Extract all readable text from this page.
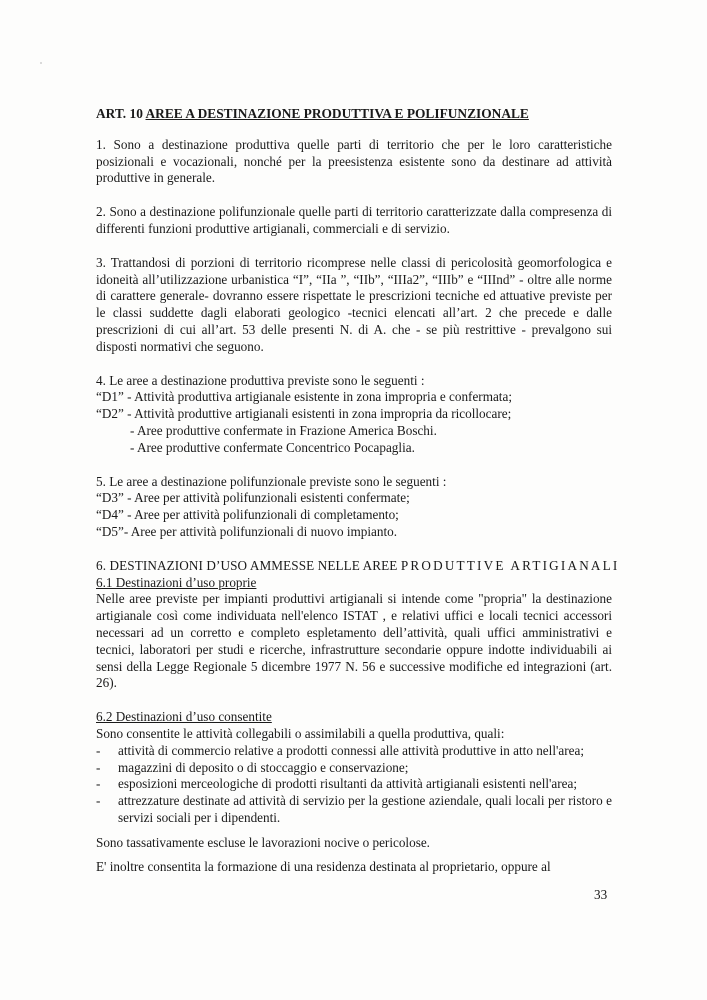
ART. 10 AREE A DESTINAZIONE PRODUTTIVA E POLIFUNZIONALE

1. Sono a destinazione produttiva quelle parti di territorio che per le loro caratteristiche posizionali e vocazionali, nonché per la preesistenza esistente sono da destinare ad attività produttive in generale.

2. Sono a destinazione polifunzionale quelle parti di territorio caratterizzate dalla compresenza di differenti funzioni produttive artigianali, commerciali e di servizio.

3. Trattandosi di porzioni di territorio ricomprese nelle classi di pericolosità geomorfologica e idoneità all’utilizzazione urbanistica “I”, “IIa ”, “IIb”, “IIIa2”, “IIIb” e “IIInd” - oltre alle norme di carattere generale- dovranno essere rispettate le prescrizioni tecniche ed attuative previste per le classi suddette dagli elaborati geologico -tecnici elencati all’art. 2 che precede e dalle prescrizioni di cui all’art. 53 delle presenti N. di A. che - se più restrittive - prevalgono sui disposti normativi che seguono.

4. Le aree a destinazione produttiva previste sono le seguenti :
“D1” - Attività produttiva artigianale esistente in zona impropria e confermata;
“D2” - Attività produttive artigianali esistenti in zona impropria da ricollocare;
- Aree produttive confermate in Frazione America Boschi.
- Aree produttive confermate Concentrico Pocapaglia.
5. Le aree a destinazione polifunzionale previste sono le seguenti :
“D3” - Aree per attività polifunzionali esistenti confermate;
“D4” - Aree per attività polifunzionali di completamento;
“D5”- Aree per attività polifunzionali di nuovo impianto.
6. DESTINAZIONI D’USO AMMESSE NELLE AREE PRODUTTIVE ARTIGIANALI
6.1 Destinazioni d’uso proprie

Nelle aree previste per impianti produttivi artigianali si intende come "propria" la destinazione artigianale così come individuata nell'elenco ISTAT , e relativi uffici e locali tecnici accessori necessari ad un corretto e completo espletamento dell’attività, quali uffici amministrativi e tecnici, laboratori per studi e ricerche, infrastrutture secondarie oppure indotte individuabili ai sensi della Legge Regionale 5 dicembre 1977 N. 56 e successive modifiche ed integrazioni (art. 26).

6.2 Destinazioni d’uso consentite
Sono consentite le attività collegabili o assimilabili a quella produttiva, quali:
- attività di commercio relative a prodotti connessi alle attività produttive in atto nell'area;
- magazzini di deposito o di stoccaggio e conservazione;
- esposizioni merceologiche di prodotti risultanti da attività artigianali esistenti nell'area;
- attrezzature destinate ad attività di servizio per la gestione aziendale, quali locali per ristoro e servizi sociali per i dipendenti.

Sono tassativamente escluse le lavorazioni nocive o pericolose.

E' inoltre consentita la formazione di una residenza destinata al proprietario, oppure al

33
